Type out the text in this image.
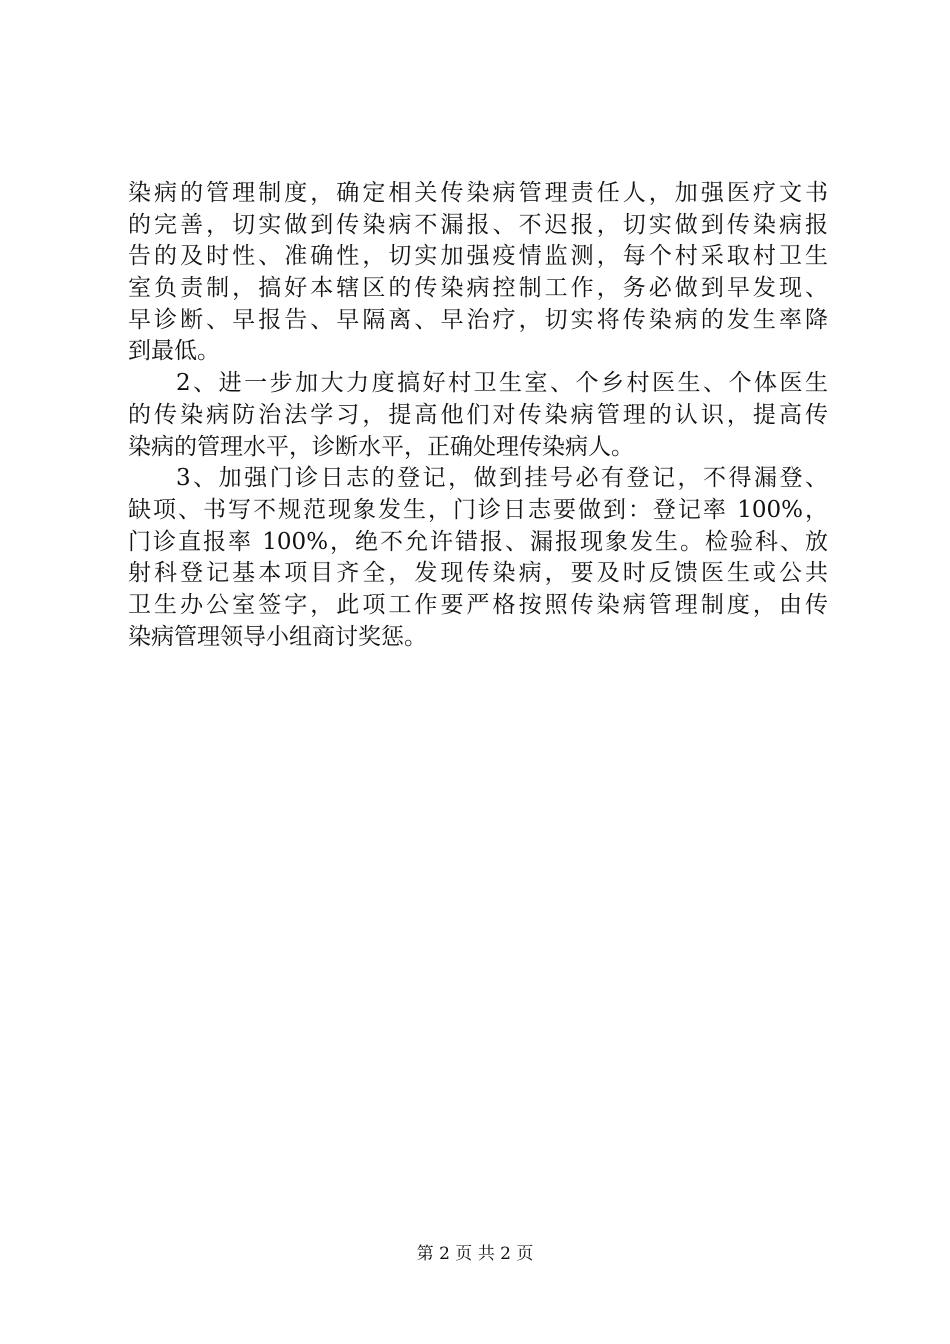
染病的管理制度，确定相关传染病管理责任人，加强医疗文书
的完善，切实做到传染病不漏报、不迟报，切实做到传染病报
告的及时性、准确性，切实加强疫情监测，每个村采取村卫生
室负责制，搞好本辖区的传染病控制工作，务必做到早发现、
早诊断、早报告、早隔离、早治疗，切实将传染病的发生率降
到最低。
2、进一步加大力度搞好村卫生室、个乡村医生、个体医生
的传染病防治法学习，提高他们对传染病管理的认识，提高传
染病的管理水平，诊断水平，正确处理传染病人。
3、加强门诊日志的登记，做到挂号必有登记，不得漏登、
缺项、书写不规范现象发生，门诊日志要做到：登记率 100%，
门诊直报率 100%，绝不允许错报、漏报现象发生。检验科、放
射科登记基本项目齐全，发现传染病，要及时反馈医生或公共
卫生办公室签字，此项工作要严格按照传染病管理制度，由传
染病管理领导小组商讨奖惩。
第 2 页 共 2 页
